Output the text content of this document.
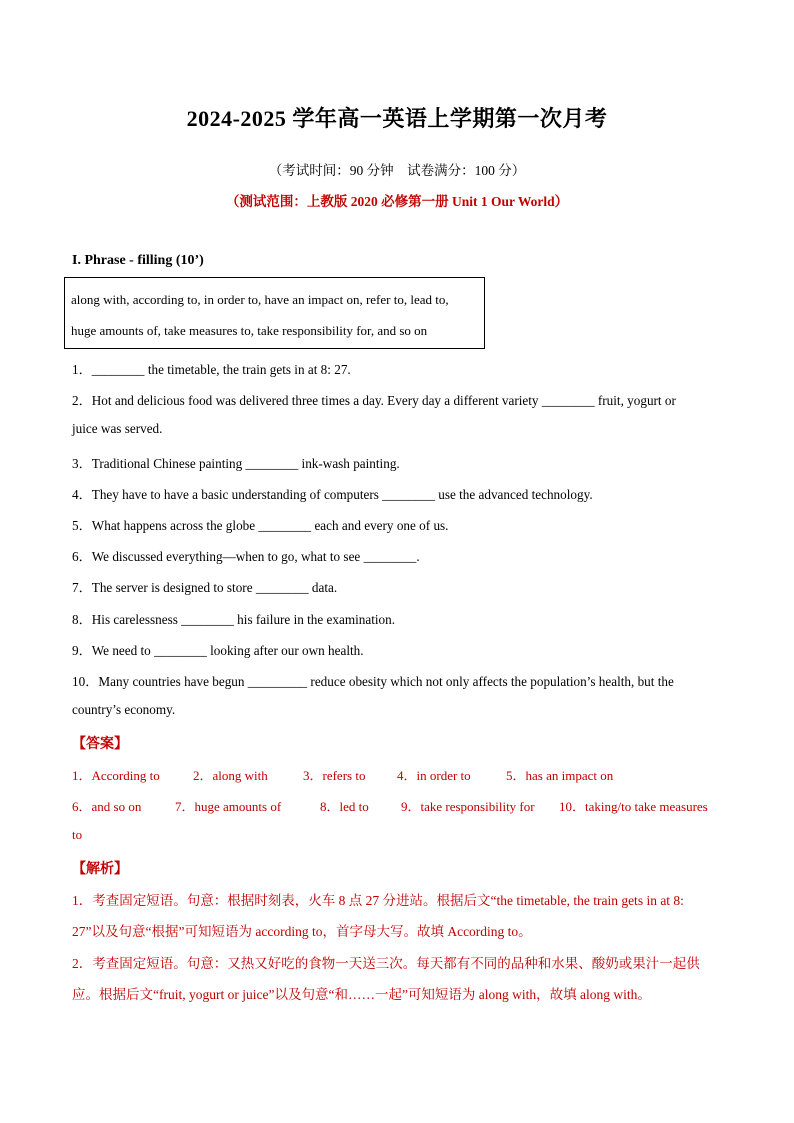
2024-2025 学年高一英语上学期第一次月考
（考试时间：90 分钟　试卷满分：100 分）
（测试范围：上教版 2020 必修第一册 Unit 1 Our World）
I. Phrase - filling (10’)
along with, according to, in order to, have an impact on, refer to, lead to,
huge amounts of, take measures to, take responsibility for, and so on
1．________ the timetable, the train gets in at 8: 27.
2．Hot and delicious food was delivered three times a day. Every day a different variety ________ fruit, yogurt or
juice was served.
3．Traditional Chinese painting ________ ink-wash painting.
4．They have to have a basic understanding of computers ________ use the advanced technology.
5．What happens across the globe ________ each and every one of us.
6．We discussed everything—when to go, what to see ________.
7．The server is designed to store ________ data.
8．His carelessness ________ his failure in the examination.
9．We need to ________ looking after our own health.
10．Many countries have begun _________ reduce obesity which not only affects the population’s health, but the
country’s economy.
【答案】
1．According to	2．along with	3．refers to 4．in order to	5．has an impact on
6．and so on	7．huge amounts of	8．led to 9．take responsibility for 10．taking/to take measures
to
【解析】
1．考查固定短语。句意：根据时刻表，火车 8 点 27 分进站。根据后文“the timetable, the train gets in at 8:
27”以及句意“根据”可知短语为 according to，首字母大写。故填 According to。
2．考查固定短语。句意：又热又好吃的食物一天送三次。每天都有不同的品种和水果、酸奶或果汁一起供
应。根据后文“fruit, yogurt or juice”以及句意“和……一起”可知短语为 along with，故填 along with。
